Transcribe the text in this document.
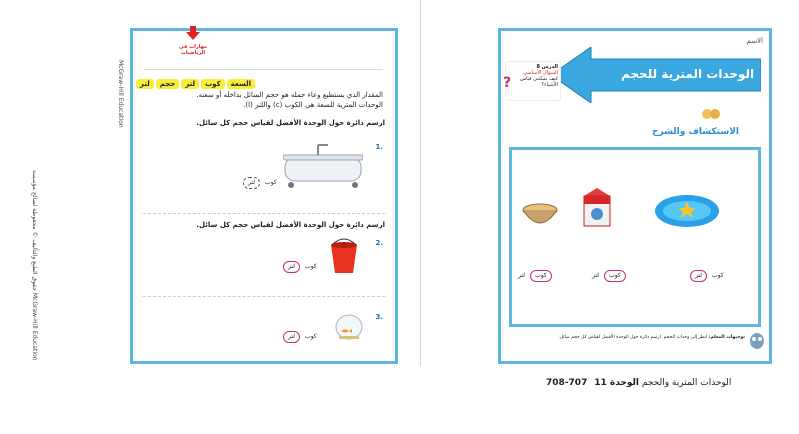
مهارات في الرياضيات
السعةكوبلترحجملتر
المقدار الذي يستطيع وعاء حمله هو حجم السائل بداخله أو سعته.
الوحدات المترية للسعة هي الكوب (c) واللتر (l).
ارسم دائرة حول الوحدة الأفضل لقياس حجم كل سائل.
1.
لتر كوب
ارسم دائرة حول الوحدة الأفضل لقياس حجم كل سائل.
2.
لتر كوب
3.
لتر كوب
حقوق الطبع والتأليف © محفوظة لصالح مؤسسة McGraw-Hill Education
McGraw-Hill Education
الاسم
الوحدات المترية للحجم
الدرس 8
السؤال الأساسي
كيف يمكنني قياس الأشياء؟
?
الاستكشاف والشرح
لتر كوب
لتر كوب
لتر كوب
توجيهات المعلم: انظر إلى وحدات الحجم. ارسم دائرة حول الوحدة الأفضل لقياس كل حجم سائل.
الوحدات المترية والحجم الوحدة 11 707-708
